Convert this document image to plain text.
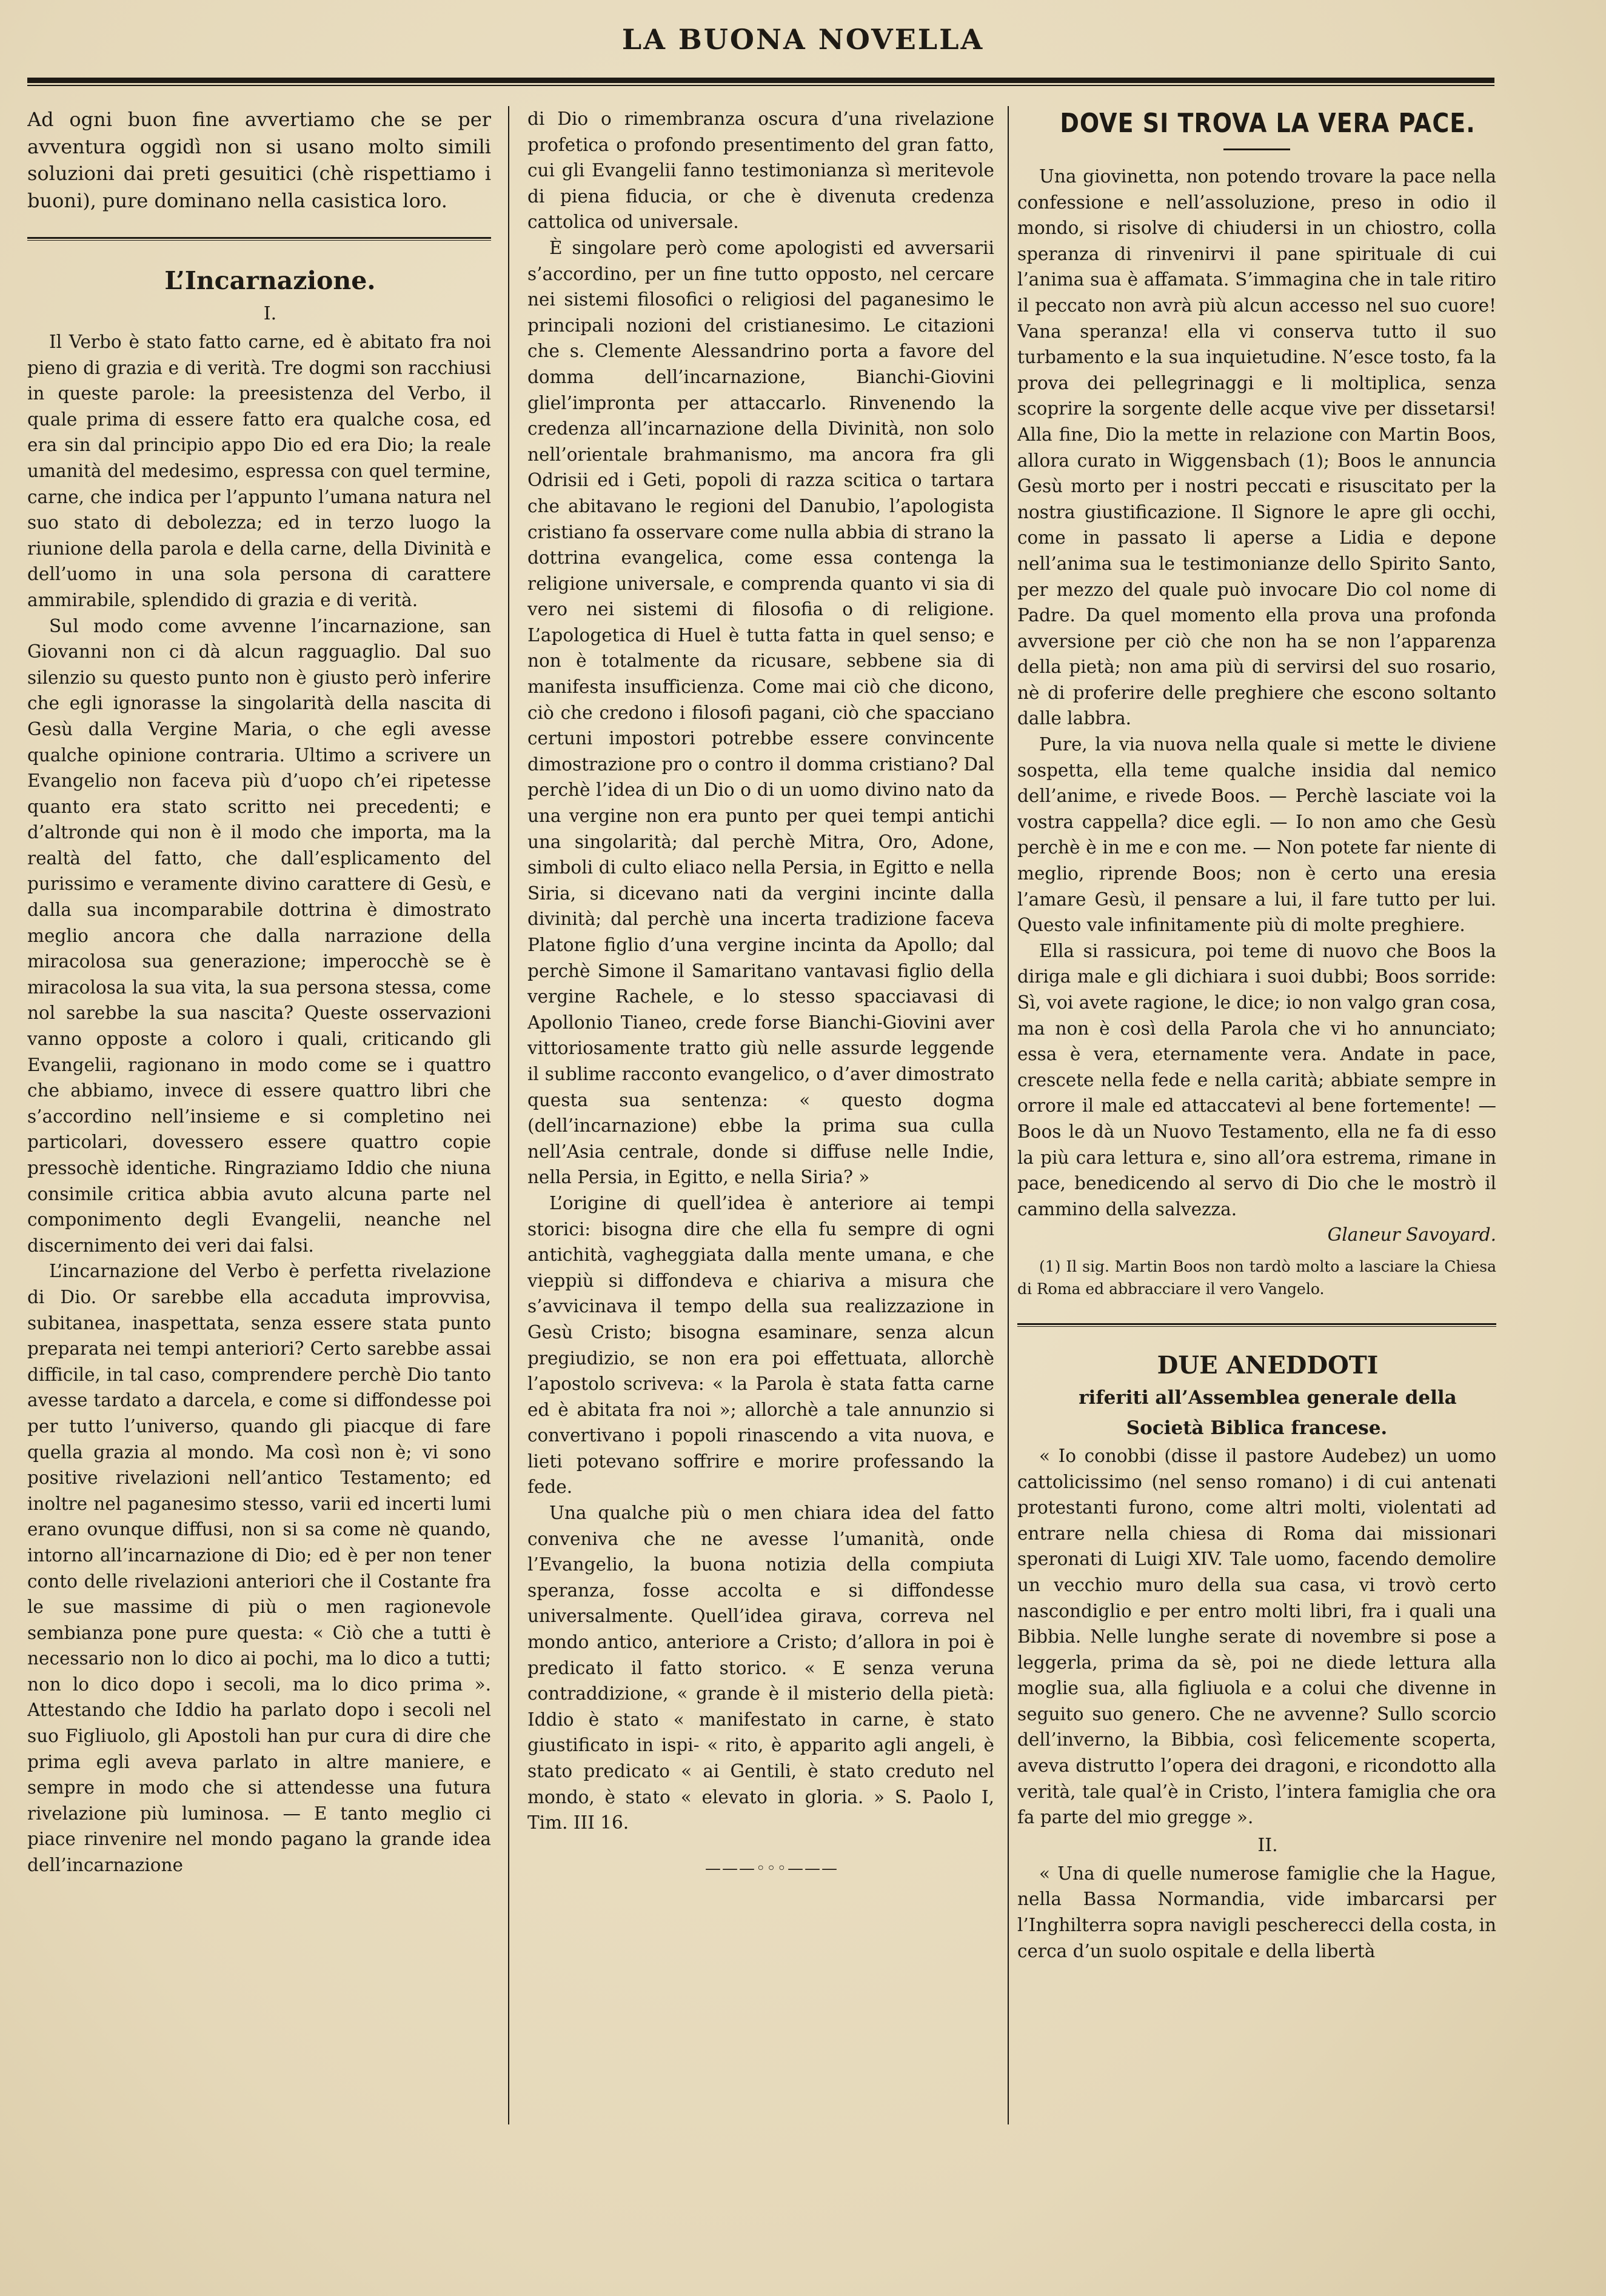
LA BUONA NOVELLA

Ad ogni buon fine avvertiamo che se per avventura oggidì non si usano molto simili soluzioni dai preti gesuitici (chè rispettiamo i buoni), pure dominano nella casistica loro.

L’Incarnazione.

I.

Il Verbo è stato fatto carne, ed è abitato fra noi pieno di grazia e di verità. Tre dogmi son racchiusi in queste parole: la preesistenza del Verbo, il quale prima di essere fatto era qualche cosa, ed era sin dal principio appo Dio ed era Dio; la reale umanità del medesimo, espressa con quel termine, carne, che indica per l’appunto l’umana natura nel suo stato di debolezza; ed in terzo luogo la riunione della parola e della carne, della Divinità e dell’uomo in una sola persona di carattere ammirabile, splendido di grazia e di verità.

Sul modo come avvenne l’incarnazione, san Giovanni non ci dà alcun ragguaglio. Dal suo silenzio su questo punto non è giusto però inferire che egli ignorasse la singolarità della nascita di Gesù dalla Vergine Maria, o che egli avesse qualche opinione contraria. Ultimo a scrivere un Evangelio non faceva più d’uopo ch’ei ripetesse quanto era stato scritto nei precedenti; e d’altronde qui non è il modo che importa, ma la realtà del fatto, che dall’esplicamento del purissimo e veramente divino carattere di Gesù, e dalla sua incomparabile dottrina è dimostrato meglio ancora che dalla narrazione della miracolosa sua generazione; imperocchè se è miracolosa la sua vita, la sua persona stessa, come nol sarebbe la sua nascita? Queste osservazioni vanno opposte a coloro i quali, criticando gli Evangelii, ragionano in modo come se i quattro che abbiamo, invece di essere quattro libri che s’accordino nell’insieme e si completino nei particolari, dovessero essere quattro copie pressochè identiche. Ringraziamo Iddio che niuna consimile critica abbia avuto alcuna parte nel componimento degli Evangelii, neanche nel discernimento dei veri dai falsi.

L’incarnazione del Verbo è perfetta rivelazione di Dio. Or sarebbe ella accaduta improvvisa, subitanea, inaspettata, senza essere stata punto preparata nei tempi anteriori? Certo sarebbe assai difficile, in tal caso, comprendere perchè Dio tanto avesse tardato a darcela, e come si diffondesse poi per tutto l’universo, quando gli piacque di fare quella grazia al mondo. Ma così non è; vi sono positive rivelazioni nell’antico Testamento; ed inoltre nel paganesimo stesso, varii ed incerti lumi erano ovunque diffusi, non si sa come nè quando, intorno all’incarnazione di Dio; ed è per non tener conto delle rivelazioni anteriori che il Costante fra le sue massime di più o men ragionevole sembianza pone pure questa: « Ciò che a tutti è necessario non lo dico ai pochi, ma lo dico a tutti; non lo dico dopo i secoli, ma lo dico prima ». Attestando che Iddio ha parlato dopo i secoli nel suo Figliuolo, gli Apostoli han pur cura di dire che prima egli aveva parlato in altre maniere, e sempre in modo che si attendesse una futura rivelazione più luminosa. — E tanto meglio ci piace rinvenire nel mondo pagano la grande idea dell’incarnazione

di Dio o rimembranza oscura d’una rivelazione profetica o profondo presentimento del gran fatto, cui gli Evangelii fanno testimonianza sì meritevole di piena fiducia, or che è divenuta credenza cattolica od universale.

È singolare però come apologisti ed avversarii s’accordino, per un fine tutto opposto, nel cercare nei sistemi filosofici o religiosi del paganesimo le principali nozioni del cristianesimo. Le citazioni che s. Clemente Alessandrino porta a favore del domma dell’incarnazione, Bianchi-Giovini gliel’impronta per attaccarlo. Rinvenendo la credenza all’incarnazione della Divinità, non solo nell’orientale brahmanismo, ma ancora fra gli Odrisii ed i Geti, popoli di razza scitica o tartara che abitavano le regioni del Danubio, l’apologista cristiano fa osservare come nulla abbia di strano la dottrina evangelica, come essa contenga la religione universale, e comprenda quanto vi sia di vero nei sistemi di filosofia o di religione. L’apologetica di Huel è tutta fatta in quel senso; e non è totalmente da ricusare, sebbene sia di manifesta insufficienza. Come mai ciò che dicono, ciò che credono i filosofi pagani, ciò che spacciano certuni impostori potrebbe essere convincente dimostrazione pro o contro il domma cristiano? Dal perchè l’idea di un Dio o di un uomo divino nato da una vergine non era punto per quei tempi antichi una singolarità; dal perchè Mitra, Oro, Adone, simboli di culto eliaco nella Persia, in Egitto e nella Siria, si dicevano nati da vergini incinte dalla divinità; dal perchè una incerta tradizione faceva Platone figlio d’una vergine incinta da Apollo; dal perchè Simone il Samaritano vantavasi figlio della vergine Rachele, e lo stesso spacciavasi di Apollonio Tianeo, crede forse Bianchi-Giovini aver vittoriosamente tratto giù nelle assurde leggende il sublime racconto evangelico, o d’aver dimostrato questa sua sentenza: « questo dogma (dell’incarnazione) ebbe la prima sua culla nell’Asia centrale, donde si diffuse nelle Indie, nella Persia, in Egitto, e nella Siria? »

L’origine di quell’idea è anteriore ai tempi storici: bisogna dire che ella fu sempre di ogni antichità, vagheggiata dalla mente umana, e che vieppiù si diffondeva e chiariva a misura che s’avvicinava il tempo della sua realizzazione in Gesù Cristo; bisogna esaminare, senza alcun pregiudizio, se non era poi effettuata, allorchè l’apostolo scriveva: « la Parola è stata fatta carne ed è abitata fra noi »; allorchè a tale annunzio si convertivano i popoli rinascendo a vita nuova, e lieti potevano soffrire e morire professando la fede.

Una qualche più o men chiara idea del fatto conveniva che ne avesse l’umanità, onde l’Evangelio, la buona notizia della compiuta speranza, fosse accolta e si diffondesse universalmente. Quell’idea girava, correva nel mondo antico, anteriore a Cristo; d’allora in poi è predicato il fatto storico. « E senza veruna contraddizione, « grande è il misterio della pietà: Iddio è stato « manifestato in carne, è stato giustificato in ispi- « rito, è apparito agli angeli, è stato predicato « ai Gentili, è stato creduto nel mondo, è stato « elevato in gloria. » S. Paolo I, Tim. III 16.

———◦◦◦———

DOVE SI TROVA LA VERA PACE.

Una giovinetta, non potendo trovare la pace nella confessione e nell’assoluzione, preso in odio il mondo, si risolve di chiudersi in un chiostro, colla speranza di rinvenirvi il pane spirituale di cui l’anima sua è affamata. S’immagina che in tale ritiro il peccato non avrà più alcun accesso nel suo cuore! Vana speranza! ella vi conserva tutto il suo turbamento e la sua inquietudine. N’esce tosto, fa la prova dei pellegrinaggi e li moltiplica, senza scoprire la sorgente delle acque vive per dissetarsi! Alla fine, Dio la mette in relazione con Martin Boos, allora curato in Wiggensbach (1); Boos le annuncia Gesù morto per i nostri peccati e risuscitato per la nostra giustificazione. Il Signore le apre gli occhi, come in passato li aperse a Lidia e depone nell’anima sua le testimonianze dello Spirito Santo, per mezzo del quale può invocare Dio col nome di Padre. Da quel momento ella prova una profonda avversione per ciò che non ha se non l’apparenza della pietà; non ama più di servirsi del suo rosario, nè di proferire delle preghiere che escono soltanto dalle labbra.

Pure, la via nuova nella quale si mette le diviene sospetta, ella teme qualche insidia dal nemico dell’anime, e rivede Boos. — Perchè lasciate voi la vostra cappella? dice egli. — Io non amo che Gesù perchè è in me e con me. — Non potete far niente di meglio, riprende Boos; non è certo una eresia l’amare Gesù, il pensare a lui, il fare tutto per lui. Questo vale infinitamente più di molte preghiere.

Ella si rassicura, poi teme di nuovo che Boos la diriga male e gli dichiara i suoi dubbi; Boos sorride: Sì, voi avete ragione, le dice; io non valgo gran cosa, ma non è così della Parola che vi ho annunciato; essa è vera, eternamente vera. Andate in pace, crescete nella fede e nella carità; abbiate sempre in orrore il male ed attaccatevi al bene fortemente! — Boos le dà un Nuovo Testamento, ella ne fa di esso la più cara lettura e, sino all’ora estrema, rimane in pace, benedicendo al servo di Dio che le mostrò il cammino della salvezza.

Glaneur Savoyard.

(1) Il sig. Martin Boos non tardò molto a lasciare la Chiesa di Roma ed abbracciare il vero Vangelo.

DUE ANEDDOTI

riferiti all’Assemblea generale della Società Biblica francese.

« Io conobbi (disse il pastore Audebez) un uomo cattolicissimo (nel senso romano) i di cui antenati protestanti furono, come altri molti, violentati ad entrare nella chiesa di Roma dai missionari speronati di Luigi XIV. Tale uomo, facendo demolire un vecchio muro della sua casa, vi trovò certo nascondiglio e per entro molti libri, fra i quali una Bibbia. Nelle lunghe serate di novembre si pose a leggerla, prima da sè, poi ne diede lettura alla moglie sua, alla figliuola e a colui che divenne in seguito suo genero. Che ne avvenne? Sullo scorcio dell’inverno, la Bibbia, così felicemente scoperta, aveva distrutto l’opera dei dragoni, e ricondotto alla verità, tale qual’è in Cristo, l’intera famiglia che ora fa parte del mio gregge ».

II.

« Una di quelle numerose famiglie che la Hague, nella Bassa Normandia, vide imbarcarsi per l’Inghilterra sopra navigli pescherecci della costa, in cerca d’un suolo ospitale e della libertà
